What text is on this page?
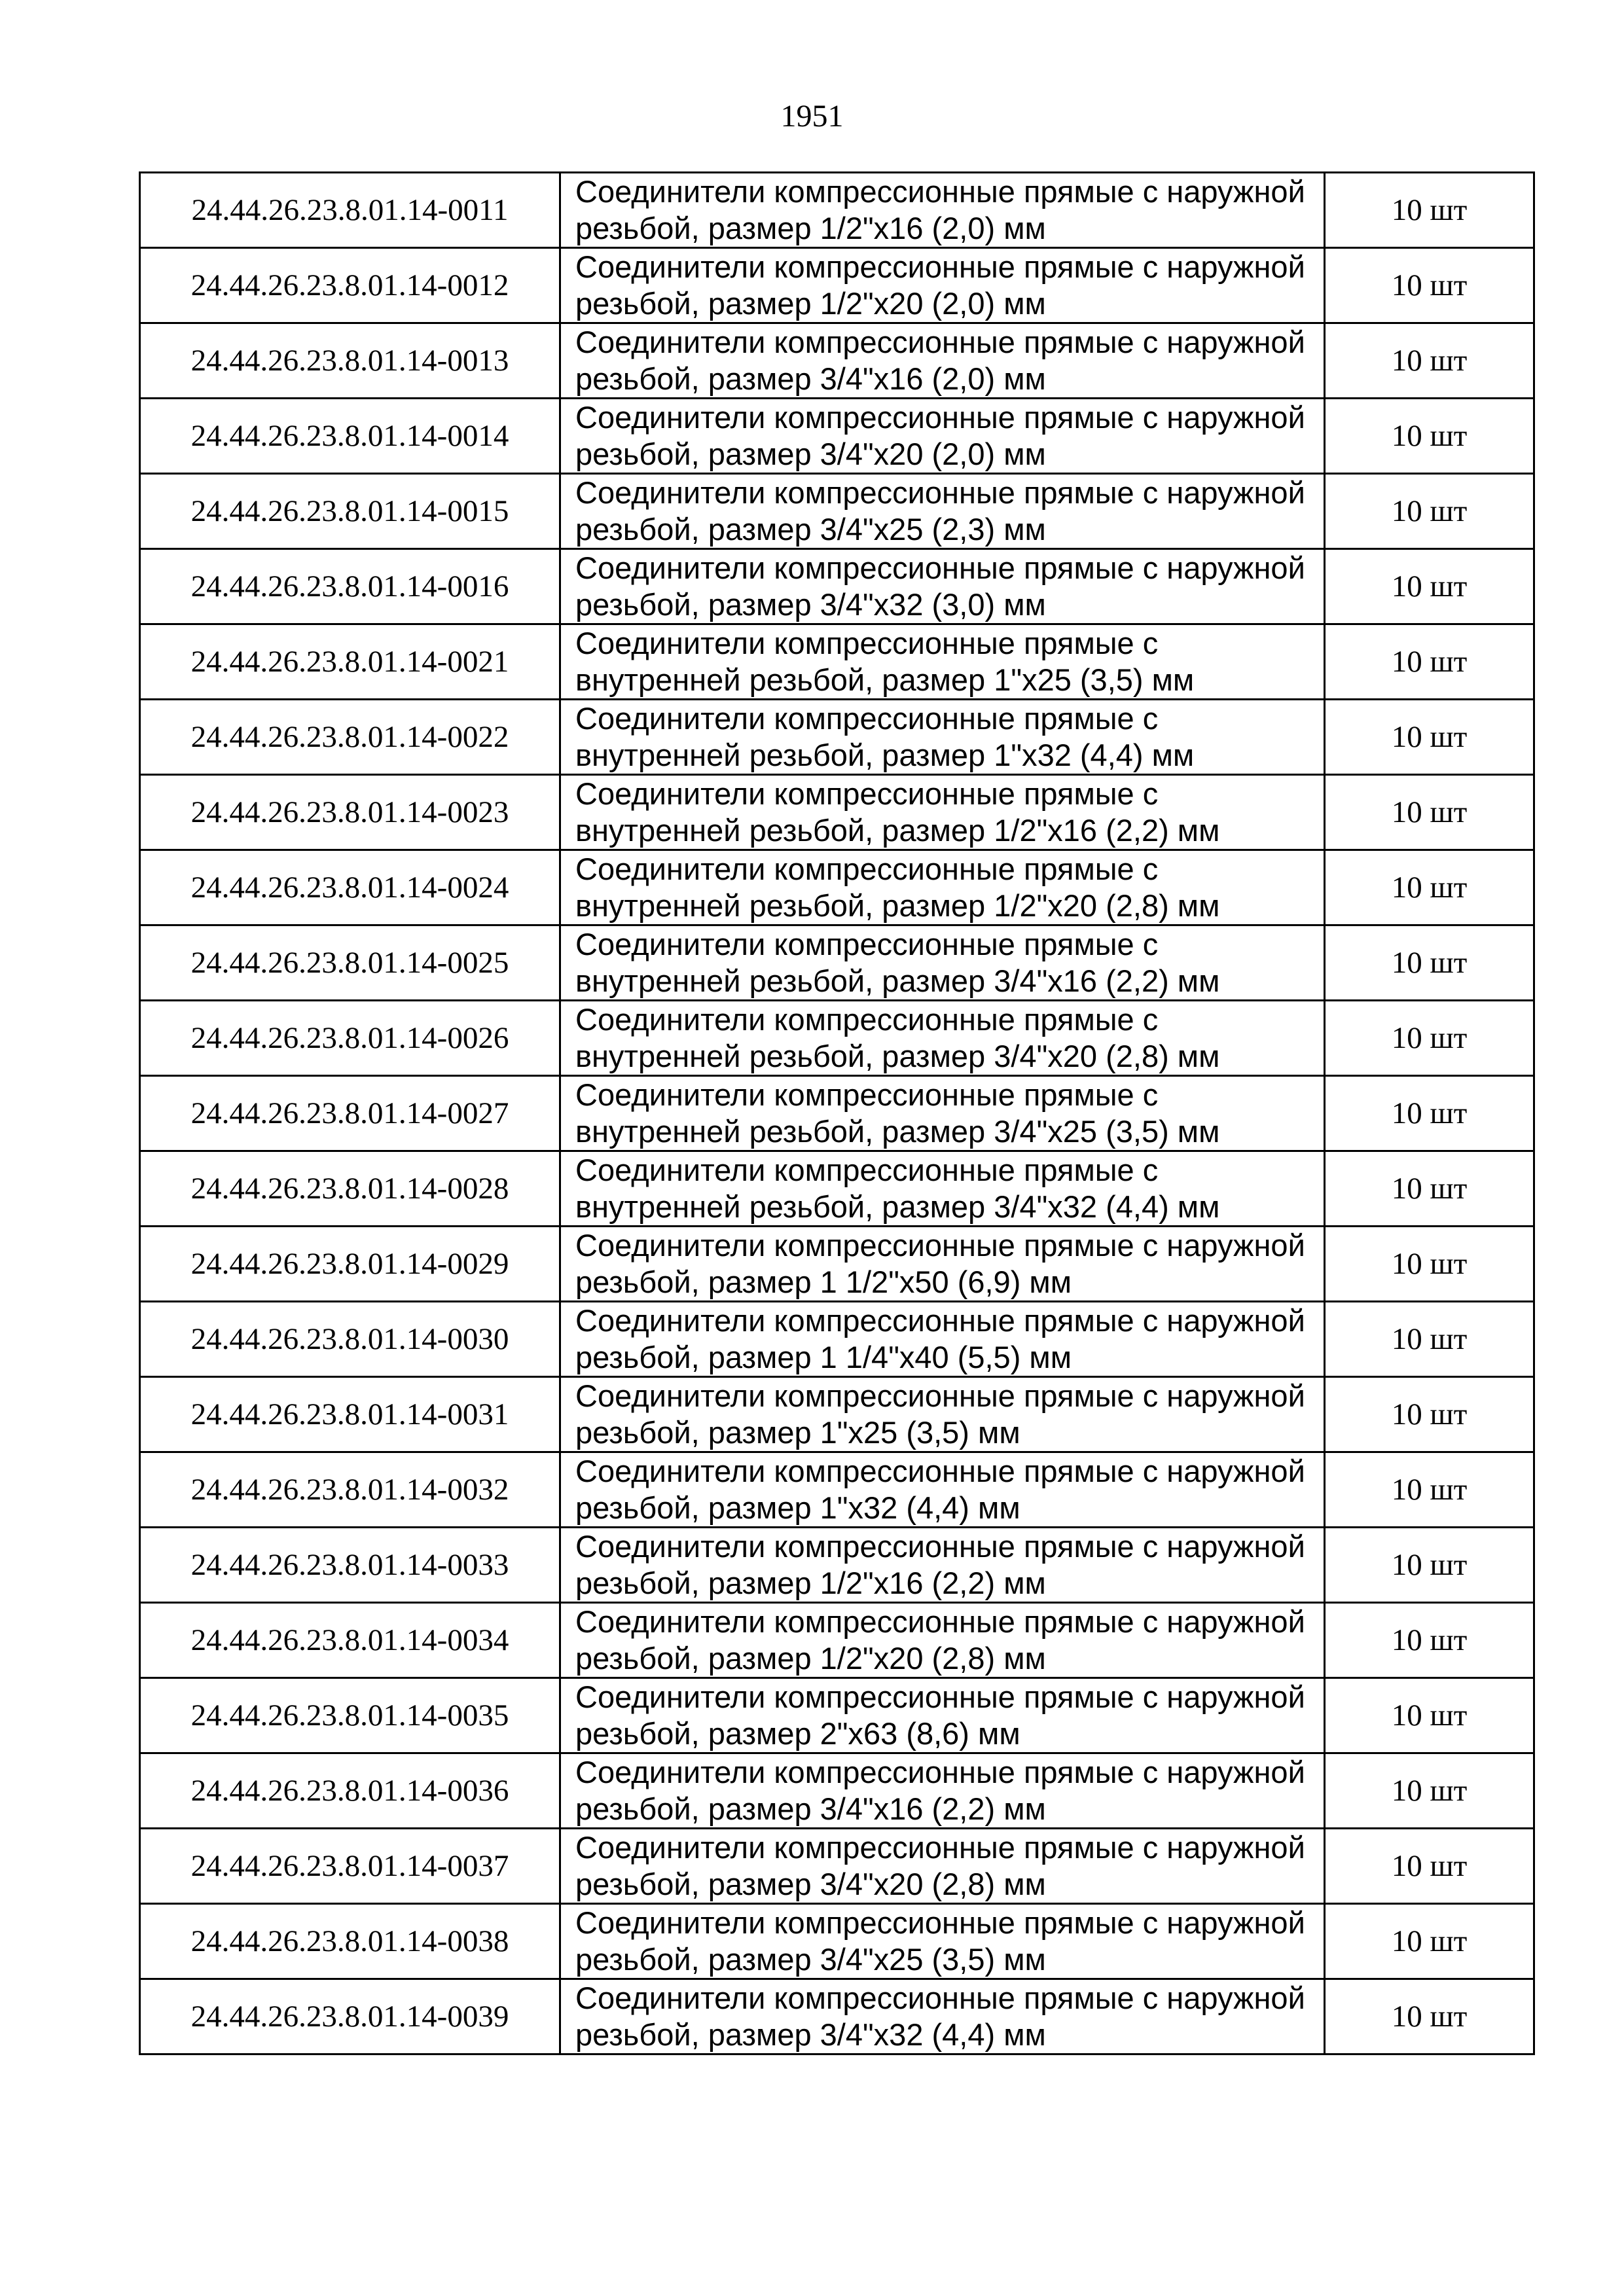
1951
24.44.26.23.8.01.14-0011	Соединители компрессионные прямые с наружной
резьбой, размер 1/2"x16 (2,0) мм	10 шт
24.44.26.23.8.01.14-0012	Соединители компрессионные прямые с наружной
резьбой, размер 1/2"x20 (2,0) мм	10 шт
24.44.26.23.8.01.14-0013	Соединители компрессионные прямые с наружной
резьбой, размер 3/4"x16 (2,0) мм	10 шт
24.44.26.23.8.01.14-0014	Соединители компрессионные прямые с наружной
резьбой, размер 3/4"x20 (2,0) мм	10 шт
24.44.26.23.8.01.14-0015	Соединители компрессионные прямые с наружной
резьбой, размер 3/4"x25 (2,3) мм	10 шт
24.44.26.23.8.01.14-0016	Соединители компрессионные прямые с наружной
резьбой, размер 3/4"x32 (3,0) мм	10 шт
24.44.26.23.8.01.14-0021	Соединители компрессионные прямые с
внутренней резьбой, размер 1"x25 (3,5) мм	10 шт
24.44.26.23.8.01.14-0022	Соединители компрессионные прямые с
внутренней резьбой, размер 1"x32 (4,4) мм	10 шт
24.44.26.23.8.01.14-0023	Соединители компрессионные прямые с
внутренней резьбой, размер 1/2"x16 (2,2) мм	10 шт
24.44.26.23.8.01.14-0024	Соединители компрессионные прямые с
внутренней резьбой, размер 1/2"x20 (2,8) мм	10 шт
24.44.26.23.8.01.14-0025	Соединители компрессионные прямые с
внутренней резьбой, размер 3/4"x16 (2,2) мм	10 шт
24.44.26.23.8.01.14-0026	Соединители компрессионные прямые с
внутренней резьбой, размер 3/4"x20 (2,8) мм	10 шт
24.44.26.23.8.01.14-0027	Соединители компрессионные прямые с
внутренней резьбой, размер 3/4"x25 (3,5) мм	10 шт
24.44.26.23.8.01.14-0028	Соединители компрессионные прямые с
внутренней резьбой, размер 3/4"x32 (4,4) мм	10 шт
24.44.26.23.8.01.14-0029	Соединители компрессионные прямые с наружной
резьбой, размер 1 1/2"x50 (6,9) мм	10 шт
24.44.26.23.8.01.14-0030	Соединители компрессионные прямые с наружной
резьбой, размер 1 1/4"x40 (5,5) мм	10 шт
24.44.26.23.8.01.14-0031	Соединители компрессионные прямые с наружной
резьбой, размер 1"x25 (3,5) мм	10 шт
24.44.26.23.8.01.14-0032	Соединители компрессионные прямые с наружной
резьбой, размер 1"x32 (4,4) мм	10 шт
24.44.26.23.8.01.14-0033	Соединители компрессионные прямые с наружной
резьбой, размер 1/2"x16 (2,2) мм	10 шт
24.44.26.23.8.01.14-0034	Соединители компрессионные прямые с наружной
резьбой, размер 1/2"x20 (2,8) мм	10 шт
24.44.26.23.8.01.14-0035	Соединители компрессионные прямые с наружной
резьбой, размер 2"x63 (8,6) мм	10 шт
24.44.26.23.8.01.14-0036	Соединители компрессионные прямые с наружной
резьбой, размер 3/4"x16 (2,2) мм	10 шт
24.44.26.23.8.01.14-0037	Соединители компрессионные прямые с наружной
резьбой, размер 3/4"x20 (2,8) мм	10 шт
24.44.26.23.8.01.14-0038	Соединители компрессионные прямые с наружной
резьбой, размер 3/4"x25 (3,5) мм	10 шт
24.44.26.23.8.01.14-0039	Соединители компрессионные прямые с наружной
резьбой, размер 3/4"x32 (4,4) мм	10 шт
